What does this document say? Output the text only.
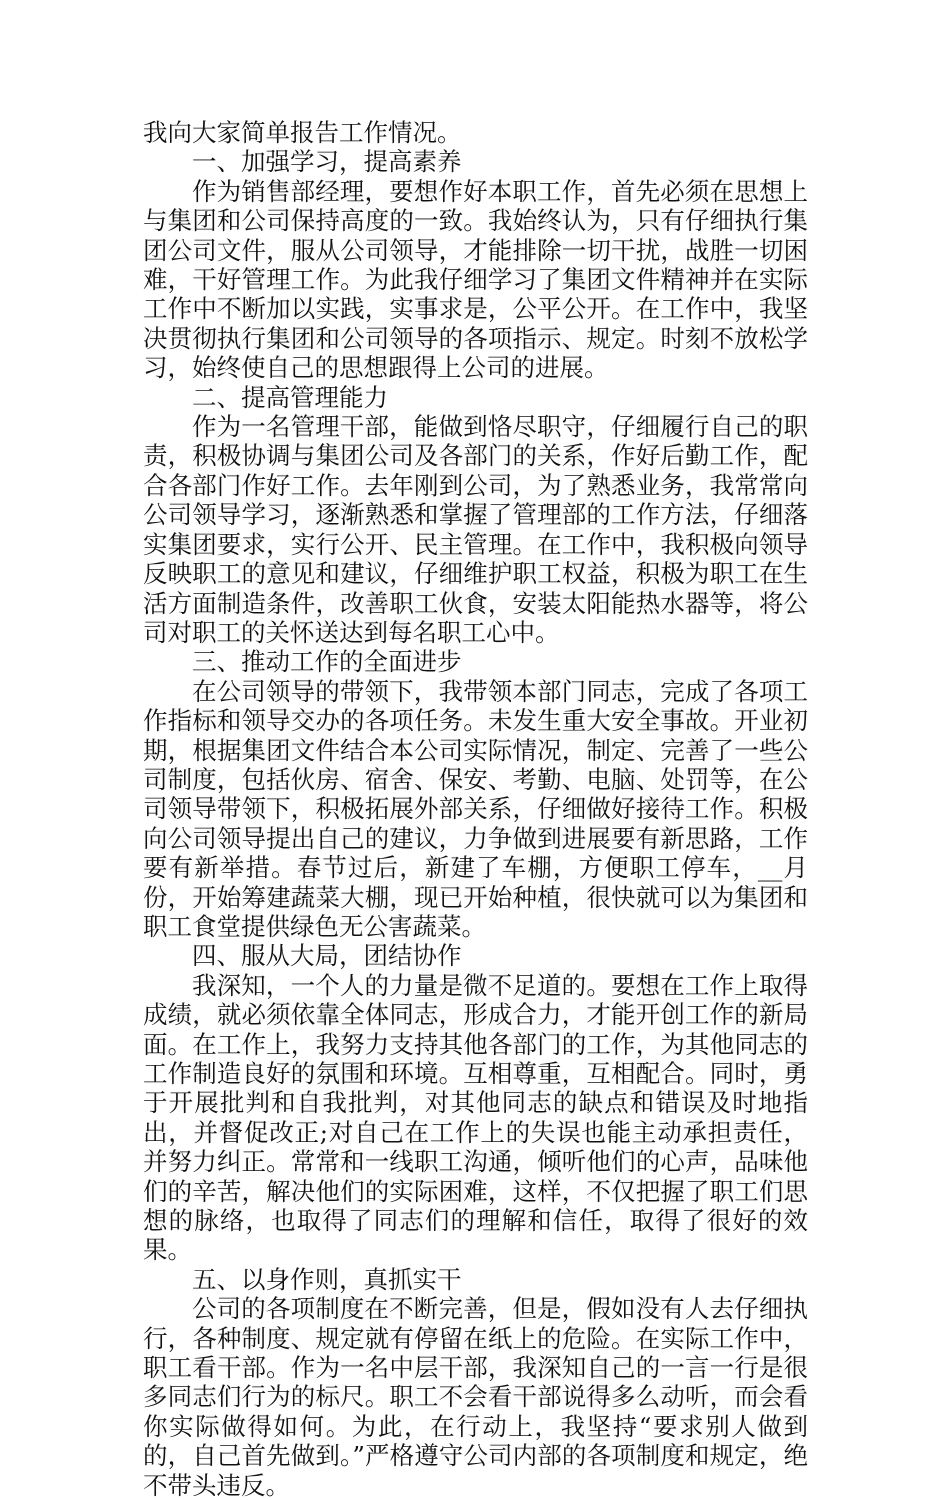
我向大家简单报告工作情况。

一、加强学习，提高素养

作为销售部经理，要想作好本职工作，首先必须在思想上与集团和公司保持高度的一致。我始终认为，只有仔细执行集团公司文件，服从公司领导，才能排除一切干扰，战胜一切困难，干好管理工作。为此我仔细学习了集团文件精神并在实际工作中不断加以实践，实事求是，公平公开。在工作中，我坚决贯彻执行集团和公司领导的各项指示、规定。时刻不放松学习，始终使自己的思想跟得上公司的进展。

二、提高管理能力

作为一名管理干部，能做到恪尽职守，仔细履行自己的职责，积极协调与集团公司及各部门的关系，作好后勤工作，配合各部门作好工作。去年刚到公司，为了熟悉业务，我常常向公司领导学习，逐渐熟悉和掌握了管理部的工作方法，仔细落实集团要求，实行公开、民主管理。在工作中，我积极向领导反映职工的意见和建议，仔细维护职工权益，积极为职工在生活方面制造条件，改善职工伙食，安装太阳能热水器等，将公司对职工的关怀送达到每名职工心中。

三、推动工作的全面进步

在公司领导的带领下，我带领本部门同志，完成了各项工作指标和领导交办的各项任务。未发生重大安全事故。开业初期，根据集团文件结合本公司实际情况，制定、完善了一些公司制度，包括伙房、宿舍、保安、考勤、电脑、处罚等，在公司领导带领下，积极拓展外部关系，仔细做好接待工作。积极向公司领导提出自己的建议，力争做到进展要有新思路，工作要有新举措。春节过后，新建了车棚，方便职工停车，__月份，开始筹建蔬菜大棚，现已开始种植，很快就可以为集团和职工食堂提供绿色无公害蔬菜。

四、服从大局，团结协作

我深知，一个人的力量是微不足道的。要想在工作上取得成绩，就必须依靠全体同志，形成合力，才能开创工作的新局面。在工作上，我努力支持其他各部门的工作，为其他同志的工作制造良好的氛围和环境。互相尊重，互相配合。同时，勇于开展批判和自我批判，对其他同志的缺点和错误及时地指出，并督促改正;对自己在工作上的失误也能主动承担责任，并努力纠正。常常和一线职工沟通，倾听他们的心声，品味他们的辛苦，解决他们的实际困难，这样，不仅把握了职工们思想的脉络，也取得了同志们的理解和信任，取得了很好的效果。

五、以身作则，真抓实干

公司的各项制度在不断完善，但是，假如没有人去仔细执行，各种制度、规定就有停留在纸上的危险。在实际工作中，职工看干部。作为一名中层干部，我深知自己的一言一行是很多同志们行为的标尺。职工不会看干部说得多么动听，而会看你实际做得如何。为此，在行动上，我坚持“要求别人做到的，自己首先做到。”严格遵守公司内部的各项制度和规定，绝不带头违反。
